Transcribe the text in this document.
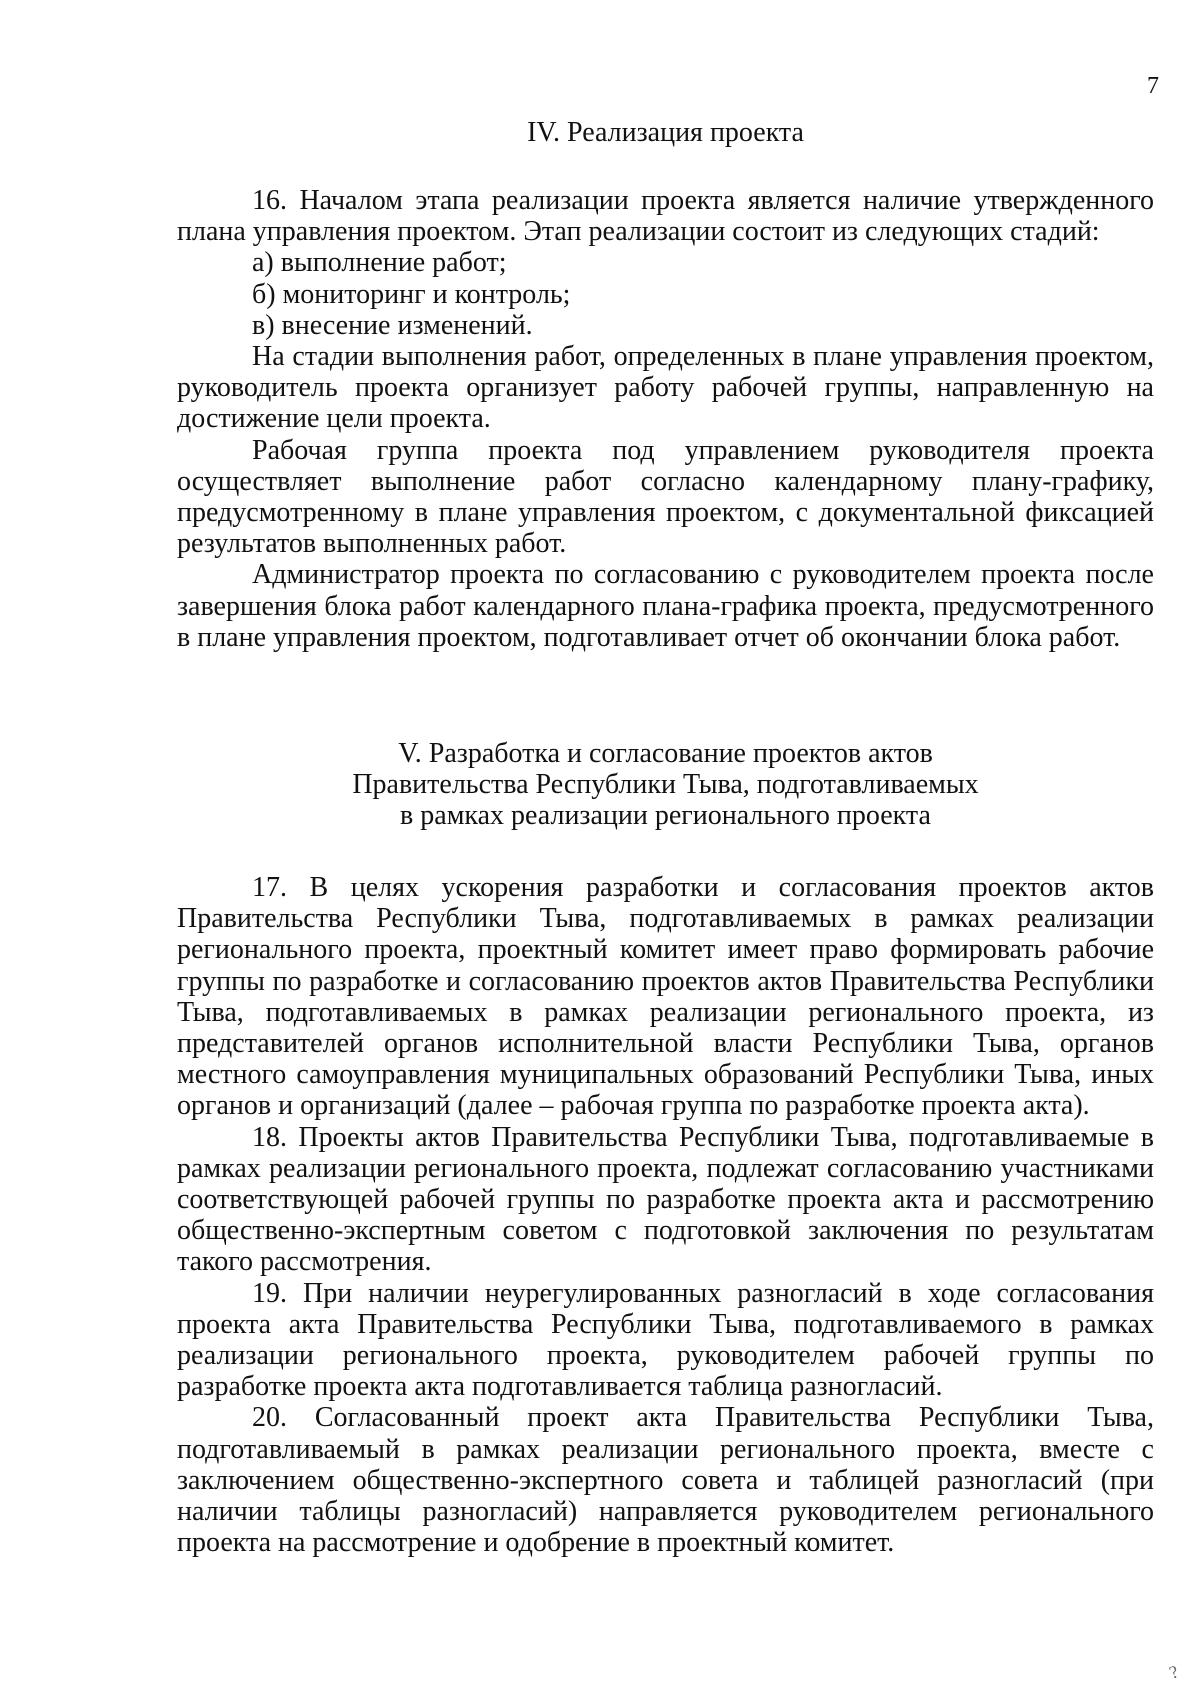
7

IV. Реализация проекта

16. Началом этапа реализации проекта является наличие утвержденного плана управления проектом. Этап реализации состоит из следующих стадий:

а) выполнение работ;

б) мониторинг и контроль;

в) внесение изменений.

На стадии выполнения работ, определенных в плане управления проектом, руководитель проекта организует работу рабочей группы, направленную на достижение цели проекта.

Рабочая группа проекта под управлением руководителя проекта осуществляет выполнение работ согласно календарному плану-графику, предусмотренному в плане управления проектом, с документальной фиксацией результатов выполненных работ.

Администратор проекта по согласованию с руководителем проекта после завершения блока работ календарного плана-графика проекта, предусмотренного в плане управления проектом, подготавливает отчет об окончании блока работ.

V. Разработка и согласование проектов актов

Правительства Республики Тыва, подготавливаемых

в рамках реализации регионального проекта

17. В целях ускорения разработки и согласования проектов актов Правительства Республики Тыва, подготавливаемых в рамках реализации регионального проекта, проектный комитет имеет право формировать рабочие группы по разработке и согласованию проектов актов Правительства Республики Тыва, подготавливаемых в рамках реализации регионального проекта, из представителей органов исполнительной власти Республики Тыва, органов местного самоуправления муниципальных образований Республики Тыва, иных органов и организаций (далее – рабочая группа по разработке проекта акта).

18. Проекты актов Правительства Республики Тыва, подготавливаемые в рамках реализации регионального проекта, подлежат согласованию участниками соответствующей рабочей группы по разработке проекта акта и рассмотрению общественно-экспертным советом с подготовкой заключения по результатам такого рассмотрения.

19. При наличии неурегулированных разногласий в ходе согласования проекта акта Правительства Республики Тыва, подготавливаемого в рамках реализации регионального проекта, руководителем рабочей группы по разработке проекта акта подготавливается таблица разногласий.

20. Согласованный проект акта Правительства Республики Тыва, подготавливаемый в рамках реализации регионального проекта, вместе с заключением общественно-экспертного совета и таблицей разногласий (при наличии таблицы разногласий) направляется руководителем регионального проекта на рассмотрение и одобрение в проектный комитет.

?
